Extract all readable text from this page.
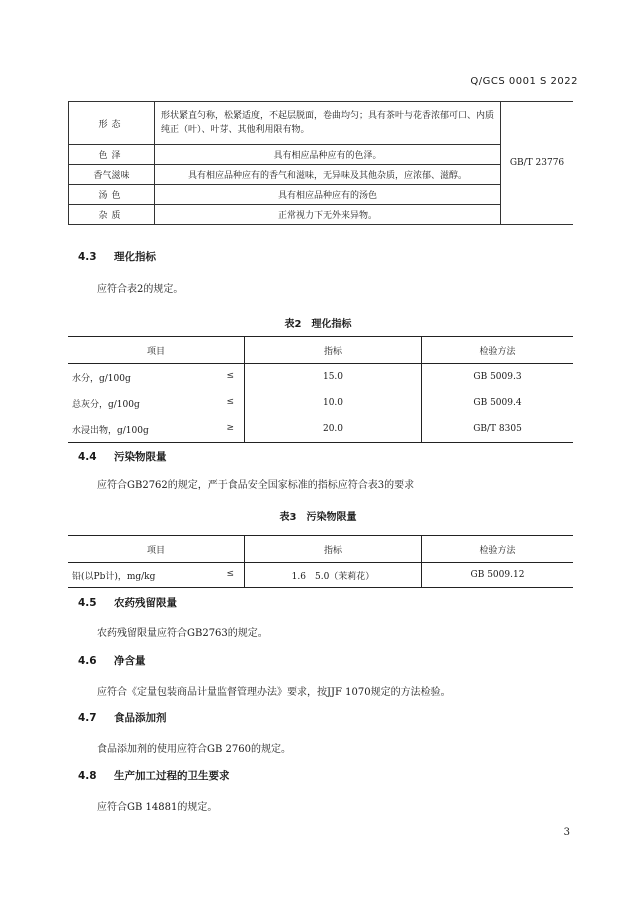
Q/GCS 0001 S 2022
形态	形状紧直匀称，松紧适度，不起层脱面，卷曲均匀；具有茶叶与花香浓郁可口、内质纯正（叶）、叶芽、其他利用限有物。	GB/T 23776
色泽	具有相应品种应有的色泽。	
香气滋味	具有相应品种应有的香气和滋味，无异味及其他杂质，应浓郁、滋醇。	
汤色	具有相应品种应有的汤色	
杂质	正常视力下无外来异物。	
4.3 理化指标
应符合表2的规定。
表2　理化指标
项目	指标	检验方法

水分，g/100g ≤	15.0	GB 5009.3

总灰分，g/100g ≤	10.0	GB 5009.4

水浸出物，g/100g ≥	20.0	GB/T 8305
4.4 污染物限量
应符合GB2762的规定，严于食品安全国家标准的指标应符合表3的要求
表3　污染物限量
项目	指标	检验方法

铅(以Pb计)，mg/kg ≤	1.6　5.0（茉莉花）	GB 5009.12
4.5 农药残留限量
农药残留限量应符合GB2763的规定。
4.6 净含量
应符合《定量包装商品计量监督管理办法》要求，按JJF 1070规定的方法检验。
4.7 食品添加剂
食品添加剂的使用应符合GB 2760的规定。
4.8 生产加工过程的卫生要求
应符合GB 14881的规定。
3
